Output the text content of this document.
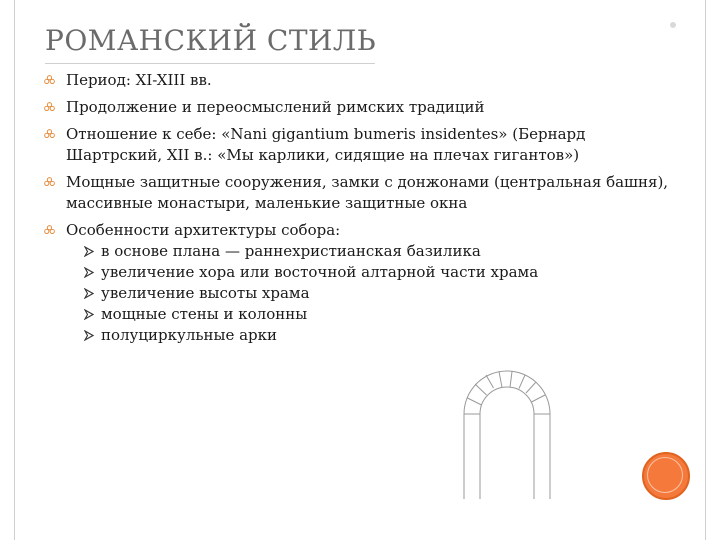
РОМАНСКИЙ СТИЛЬ
Период: XI-XIII вв.
Продолжение и переосмыслений римских традиций
Отношение к себе: «Nani gigantium bumeris insidentes» (Бернард Шартрский, XII в.: «Мы карлики, сидящие на плечах гигантов»)
Мощные защитные сооружения, замки с донжонами (центральная башня), массивные монастыри, маленькие защитные окна
Особенности архитектуры собора:
в основе плана — раннехристианская базилика
увеличение хора или восточной алтарной части храма
увеличение высоты храма
мощные стены и колонны
полуциркульные арки
